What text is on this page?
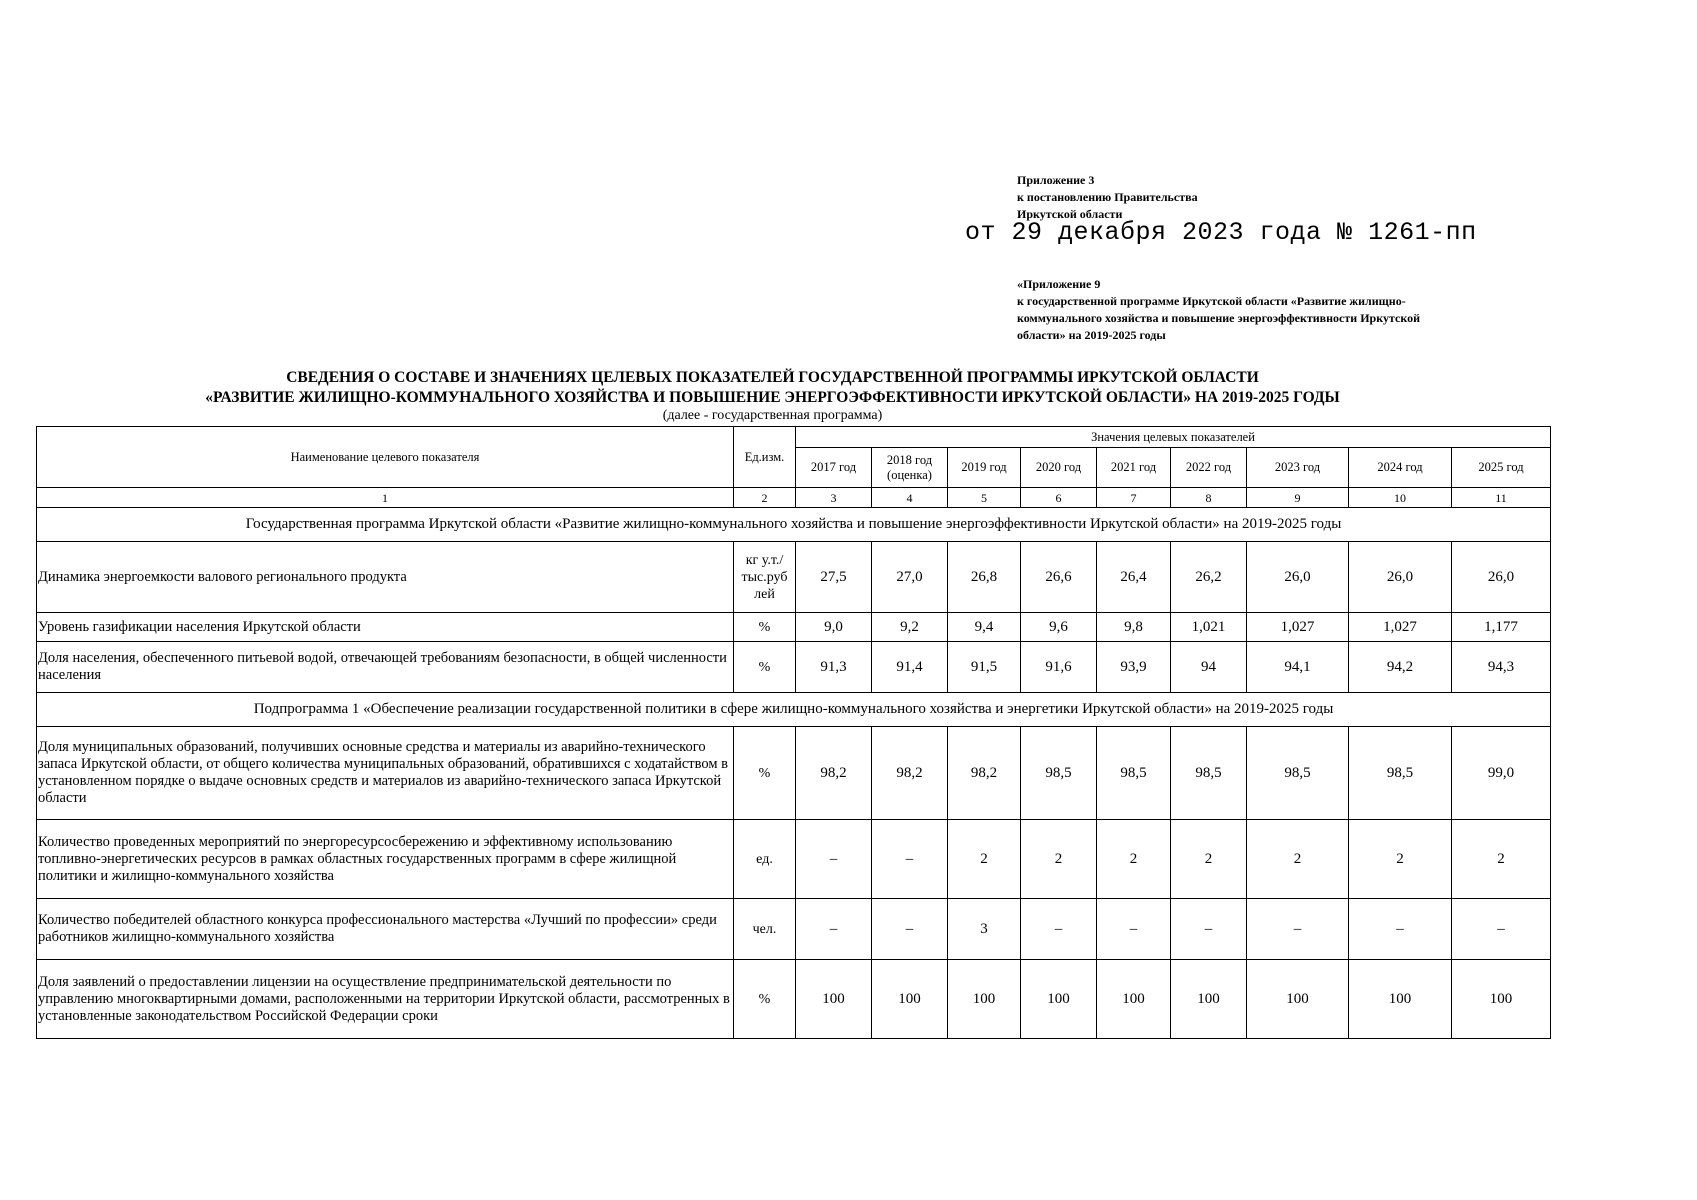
Приложение 3
к постановлению Правительства
Иркутской области
от 29 декабря 2023 года № 1261-пп
«Приложение 9
к государственной программе Иркутской области «Развитие жилищно-коммунального хозяйства и повышение энергоэффективности Иркутской области» на 2019-2025 годы
СВЕДЕНИЯ О СОСТАВЕ И ЗНАЧЕНИЯХ ЦЕЛЕВЫХ ПОКАЗАТЕЛЕЙ ГОСУДАРСТВЕННОЙ ПРОГРАММЫ ИРКУТСКОЙ ОБЛАСТИ
«РАЗВИТИЕ ЖИЛИЩНО-КОММУНАЛЬНОГО ХОЗЯЙСТВА И ПОВЫШЕНИЕ ЭНЕРГОЭФФЕКТИВНОСТИ ИРКУТСКОЙ ОБЛАСТИ» НА 2019-2025 ГОДЫ
(далее - государственная программа)
Наименование целевого показателя	Ед.изм.	Значения целевых показателей								
		2017 год	2018 год (оценка)	2019 год	2020 год	2021 год	2022 год	2023 год	2024 год	2025 год
1	2	3	4	5	6	7	8	9	10	11
Государственная программа Иркутской области «Развитие жилищно-коммунального хозяйства и повышение энергоэффективности Иркутской области» на 2019-2025 годы										
Динамика энергоемкости валового регионального продукта	кг у.т./ тыс.руб лей	27,5	27,0	26,8	26,6	26,4	26,2	26,0	26,0	26,0
Уровень газификации населения Иркутской области	%	9,0	9,2	9,4	9,6	9,8	1,021	1,027	1,027	1,177
Доля населения, обеспеченного питьевой водой, отвечающей требованиям безопасности, в общей численности населения	%	91,3	91,4	91,5	91,6	93,9	94	94,1	94,2	94,3
Подпрограмма 1 «Обеспечение реализации государственной политики в сфере жилищно-коммунального хозяйства и энергетики Иркутской области» на 2019-2025 годы										
Доля муниципальных образований, получивших основные средства и материалы из аварийно-технического запаса Иркутской области, от общего количества муниципальных образований, обратившихся с ходатайством в установленном порядке о выдаче основных средств и материалов из аварийно-технического запаса Иркутской области	%	98,2	98,2	98,2	98,5	98,5	98,5	98,5	98,5	99,0
Количество проведенных мероприятий по энергоресурсосбережению и эффективному использованию топливно-энергетических ресурсов в рамках областных государственных программ в сфере жилищной политики и жилищно-коммунального хозяйства	ед.	–	–	2	2	2	2	2	2	2
Количество победителей областного конкурса профессионального мастерства «Лучший по профессии» среди работников жилищно-коммунального хозяйства	чел.	–	–	3	–	–	–	–	–	–
Доля заявлений о предоставлении лицензии на осуществление предпринимательской деятельности по управлению многоквартирными домами, расположенными на территории Иркутской области, рассмотренных в установленные законодательством Российской Федерации сроки	%	100	100	100	100	100	100	100	100	100
